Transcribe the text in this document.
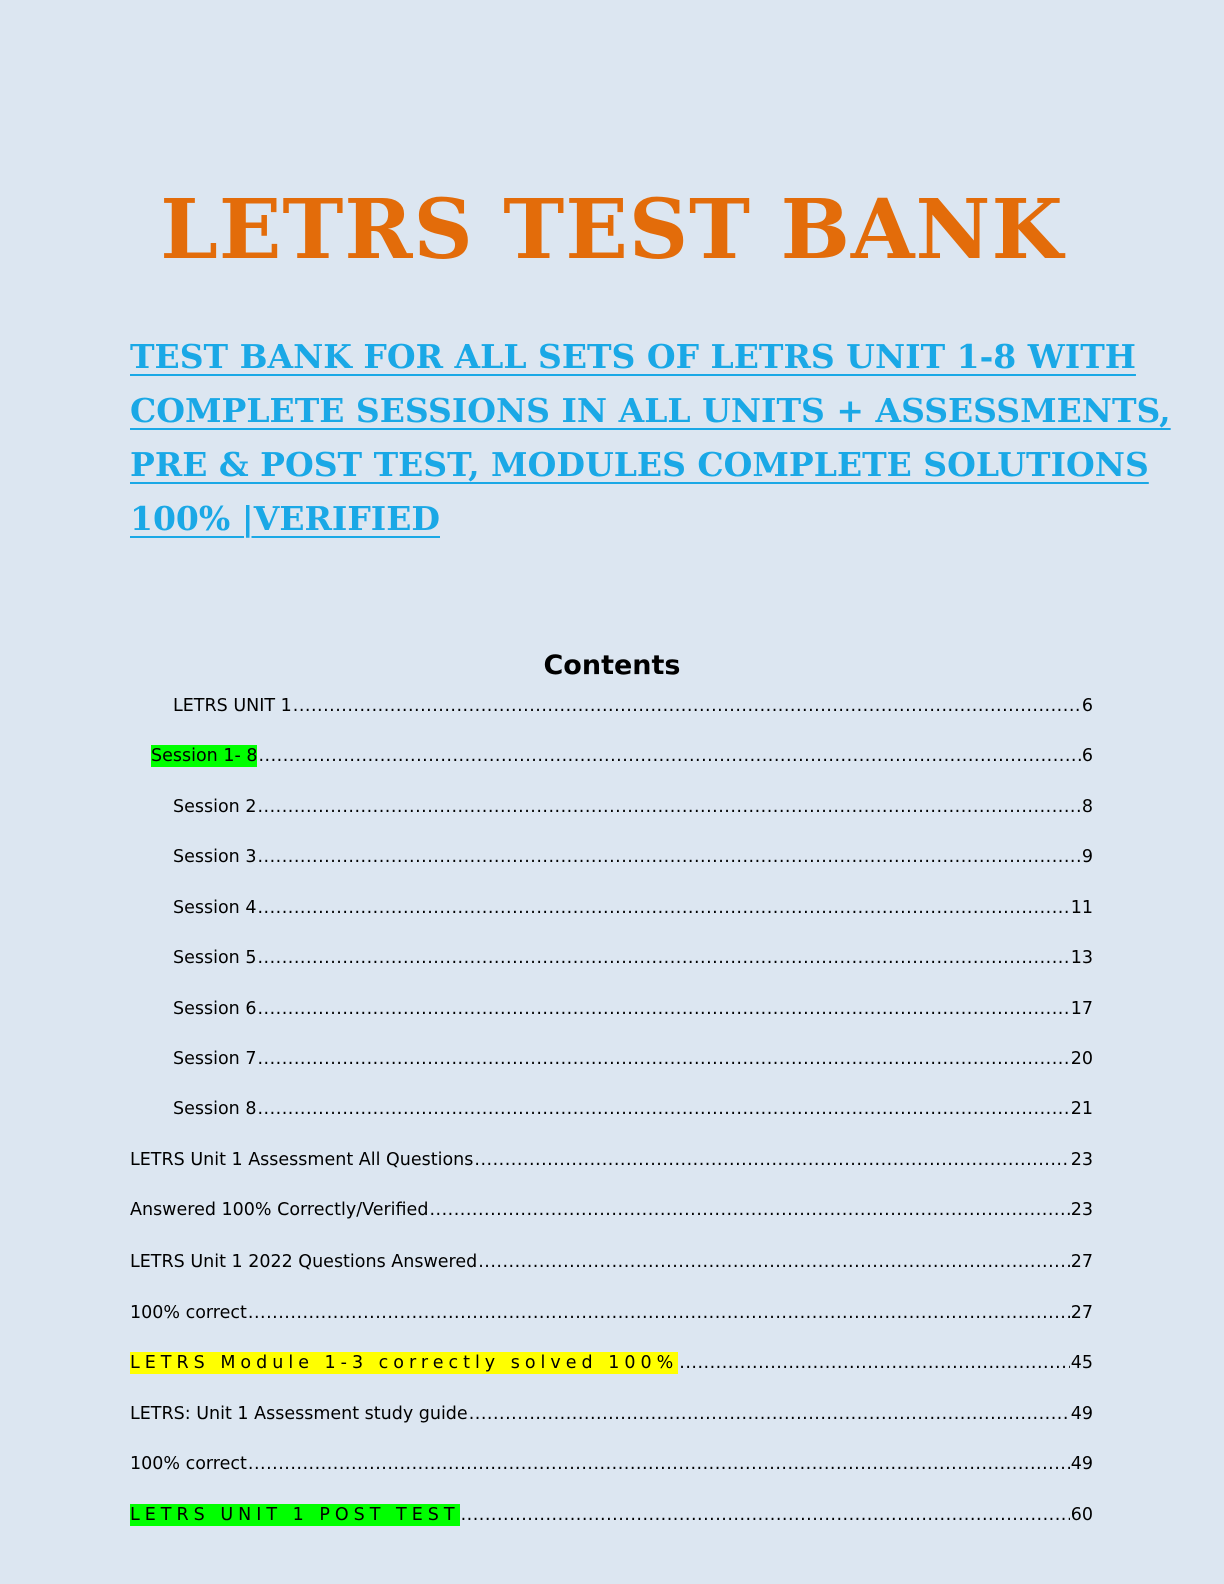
LETRS TEST BANK
TEST BANK FOR ALL SETS OF LETRS UNIT 1-8 WITH
COMPLETE SESSIONS IN ALL UNITS + ASSESSMENTS,
PRE & POST TEST, MODULES COMPLETE SOLUTIONS
100% |VERIFIED
Contents
LETRS UNIT 1 .....	6
Session 1- 8 .....	6
Session 2 .....	8
Session 3 .....	9
Session 4 .....	11
Session 5 .....	13
Session 6 .....	17
Session 7 .....	20
Session 8 .....	21
LETRS Unit 1 Assessment All Questions .....	23
Answered 100% Correctly/Verified .....	23
LETRS Unit 1 2022 Questions Answered .....	27
100% correct .....	27
LETRS Module 1-3 correctly solved 100% .....	45
LETRS: Unit 1 Assessment study guide .....	49
100% correct .....	49
LETRS UNIT 1 POST TEST .....	60
